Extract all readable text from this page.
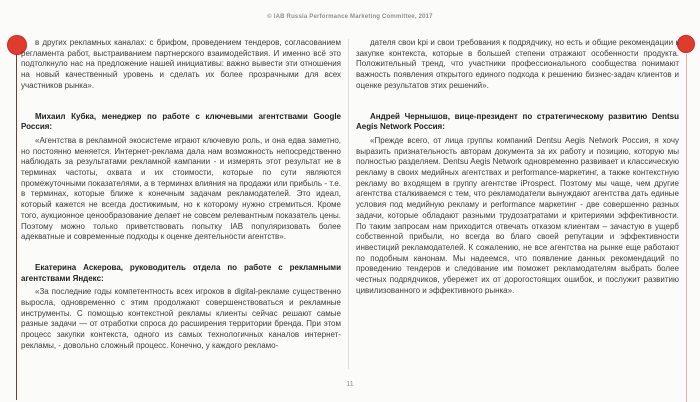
© IAB Russia Performance Marketing Committee, 2017

в других рекламных каналах: с брифом, проведением тендеров, согласованием регламента работ, выстраиванием партнерского взаимодействия. И именно всё это подтолкнуло нас на предложение нашей инициативы: важно вывести эти отношения на новый качественный уровень и сделать их более прозрачными для всех участников рынка».

Михаил Кубка, менеджер по работе с ключевыми агентствами Google Россия:

«Агентства в рекламной экосистеме играют ключевую роль, и она едва заметно, но постоянно меняется. Интернет-реклама дала нам возможность непосредственно наблюдать за результатами рекламной кампании - и измерять этот результат не в терминах частоты, охвата и их стоимости, которые по сути являются промежуточными показателями, а в терминах влияния на продажи или прибыль - т.е. в терминах, которые ближе к конечным задачам рекламодателей. Это идеал, который кажется не всегда достижимым, но к которому нужно стремиться. Кроме того, аукционное ценообразование делает не совсем релевантным показатель цены. Поэтому можно только приветствовать попытку IAB популяризовать более адекватные и современные подходы к оценке деятельности агентств».

Екатерина Аскерова, руководитель отдела по работе с рекламными агентствами Яндекс:

«За последние годы компетентность всех игроков в digital-рекламе существенно выросла, одновременно с этим продолжают совершенствоваться и рекламные инструменты. С помощью контекстной рекламы клиенты сейчас решают самые разные задачи — от отработки спроса до расширения территории бренда. При этом процесс закупки контекста, одного из самых технологичных каналов интернет-рекламы, - довольно сложный процесс. Конечно, у каждого рекламо-

дателя свои kpi и свои требования к подрядчику, но есть и общие рекомендации к закупке контекста, которые в большей степени отражают особенности продукта. Положительный тренд, что участники профессионального сообщества понимают важность появления открытого единого подхода к решению бизнес-задач клиентов и оценке результатов этих решений».

Андрей Чернышов, вице-президент по стратегическому развитию Dentsu Aegis Network Россия:

«Прежде всего, от лица группы компаний Dentsu Aegis Network Россия, я хочу выразить признательность авторам документа за их работу и позицию, которую мы полностью разделяем. Dentsu Aegis Network одновременно развивает и классическую рекламу в своих медийных агентствах и performance-маркетинг, а также контекстную рекламу во входящем в группу агентстве iProspect. Поэтому мы чаще, чем другие агентства сталкиваемся с тем, что рекламодатели вынуждают агентства дать единые условия под медийную рекламу и performance маркетинг - две совершенно разных задачи, которые обладают разными трудозатратами и критериями эффективности. По таким запросам нам приходится отвечать отказом клиентам – зачастую в ущерб собственной прибыли, но всегда во благо своей репутации и эффективности инвестиций рекламодателей. К сожалению, не все агентства на рынке еще работают по подобным канонам. Мы надеемся, что появление данных рекомендаций по проведению тендеров и следование им поможет рекламодателям выбрать более честных подрядчиков, убережет их от дорогостоящих ошибок, и послужит развитию цивилизованного и эффективного рынка».

11
